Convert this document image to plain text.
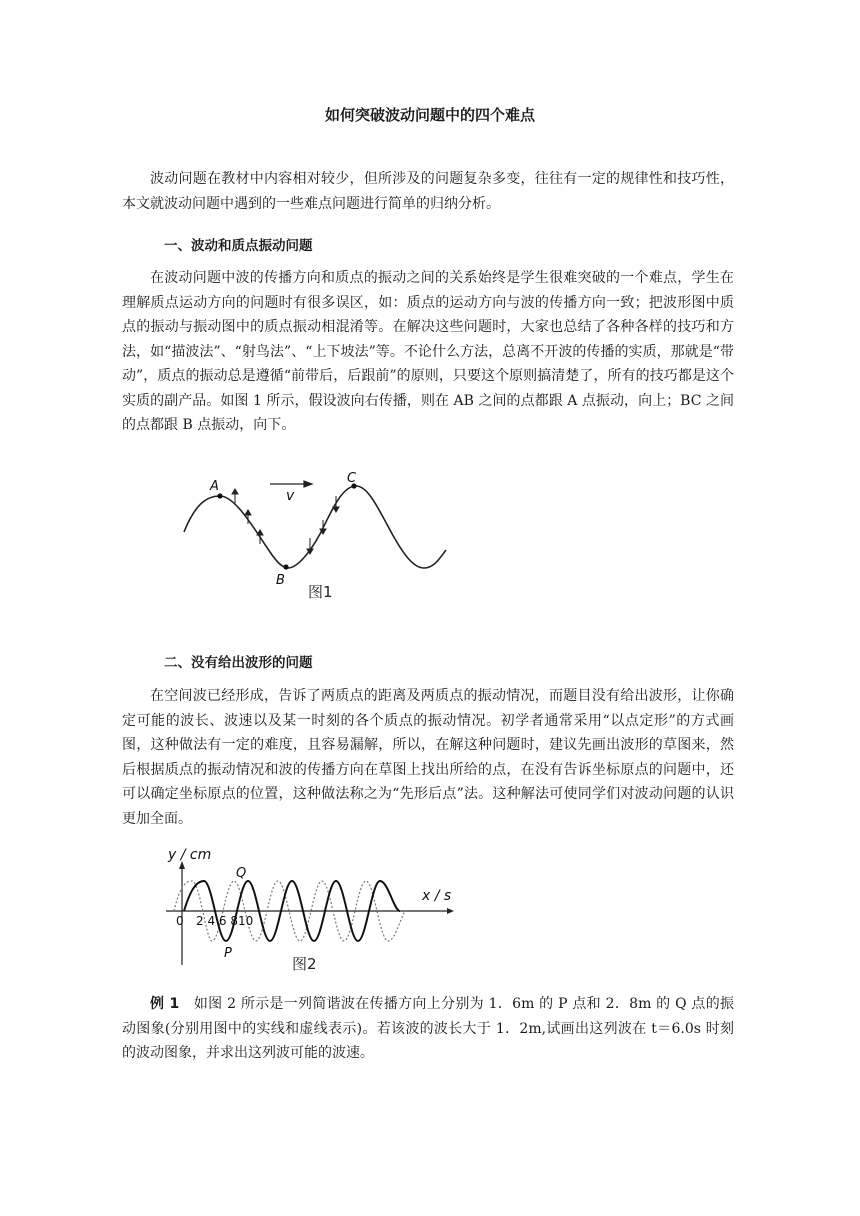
如何突破波动问题中的四个难点

波动问题在教材中内容相对较少，但所涉及的问题复杂多变，往往有一定的规律性和技巧性，本文就波动问题中遇到的一些难点问题进行简单的归纳分析。

一、波动和质点振动问题

在波动问题中波的传播方向和质点的振动之间的关系始终是学生很难突破的一个难点，学生在理解质点运动方向的问题时有很多误区，如：质点的运动方向与波的传播方向一致；把波形图中质点的振动与振动图中的质点振动相混淆等。在解决这些问题时，大家也总结了各种各样的技巧和方法，如“描波法”、“射鸟法”、“上下坡法”等。不论什么方法，总离不开波的传播的实质，那就是“带动”，质点的振动总是遵循“前带后，后跟前”的原则，只要这个原则搞清楚了，所有的技巧都是这个实质的副产品。如图 1 所示，假设波向右传播，则在 AB 之间的点都跟 A 点振动，向上；BC 之间的点都跟 B 点振动，向下。

A
B
C
v
图1
二、没有给出波形的问题

在空间波已经形成，告诉了两质点的距离及两质点的振动情况，而题目没有给出波形，让你确定可能的波长、波速以及某一时刻的各个质点的振动情况。初学者通常采用“以点定形”的方式画图，这种做法有一定的难度，且容易漏解，所以，在解这种问题时，建议先画出波形的草图来，然后根据质点的振动情况和波的传播方向在草图上找出所给的点，在没有告诉坐标原点的问题中，还可以确定坐标原点的位置，这种做法称之为“先形后点”法。这种解法可使同学们对波动问题的认识更加全面。

y / cm
x / s
0 2 4 6 810
Q
P
图2

例 1　 如图 2 所示是一列简谐波在传播方向上分别为 1．6m 的 P 点和 2．8m 的 Q 点的振动图象(分别用图中的实线和虚线表示)。若该波的波长大于 1．2m,试画出这列波在 t＝6.0s 时刻的波动图象，并求出这列波可能的波速。
